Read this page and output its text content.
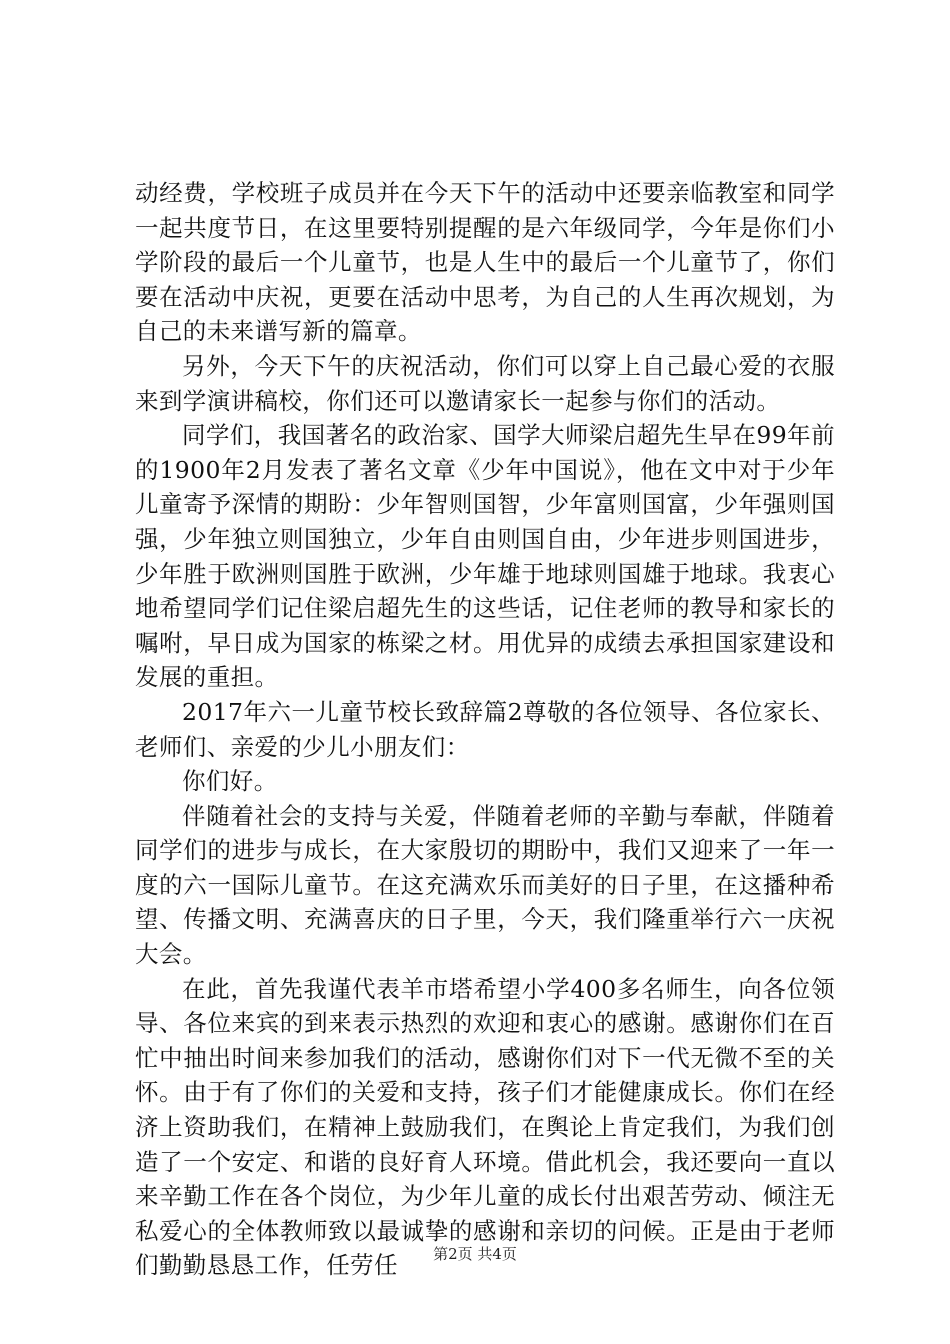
动经费，学校班子成员并在今天下午的活动中还要亲临教室和同学一起共度节日，在这里要特别提醒的是六年级同学，今年是你们小学阶段的最后一个儿童节，也是人生中的最后一个儿童节了，你们要在活动中庆祝，更要在活动中思考，为自己的人生再次规划，为自己的未来谱写新的篇章。

另外，今天下午的庆祝活动，你们可以穿上自己最心爱的衣服来到学演讲稿校，你们还可以邀请家长一起参与你们的活动。

同学们，我国著名的政治家、国学大师梁启超先生早在99年前的1900年2月发表了著名文章《少年中国说》，他在文中对于少年儿童寄予深情的期盼：少年智则国智，少年富则国富，少年强则国强，少年独立则国独立，少年自由则国自由，少年进步则国进步，少年胜于欧洲则国胜于欧洲，少年雄于地球则国雄于地球。我衷心地希望同学们记住梁启超先生的这些话，记住老师的教导和家长的嘱咐，早日成为国家的栋梁之材。用优异的成绩去承担国家建设和发展的重担。

2017年六一儿童节校长致辞篇2尊敬的各位领导、各位家长、老师们、亲爱的少儿小朋友们：

你们好。

伴随着社会的支持与关爱，伴随着老师的辛勤与奉献，伴随着同学们的进步与成长，在大家殷切的期盼中，我们又迎来了一年一度的六一国际儿童节。在这充满欢乐而美好的日子里，在这播种希望、传播文明、充满喜庆的日子里，今天，我们隆重举行六一庆祝大会。

在此，首先我谨代表羊市塔希望小学400多名师生，向各位领导、各位来宾的到来表示热烈的欢迎和衷心的感谢。感谢你们在百忙中抽出时间来参加我们的活动，感谢你们对下一代无微不至的关怀。由于有了你们的关爱和支持，孩子们才能健康成长。你们在经济上资助我们，在精神上鼓励我们，在舆论上肯定我们，为我们创造了一个安定、和谐的良好育人环境。借此机会，我还要向一直以来辛勤工作在各个岗位，为少年儿童的成长付出艰苦劳动、倾注无私爱心的全体教师致以最诚挚的感谢和亲切的问候。正是由于老师们勤勤恳恳工作，任劳任	第2页 共4页
